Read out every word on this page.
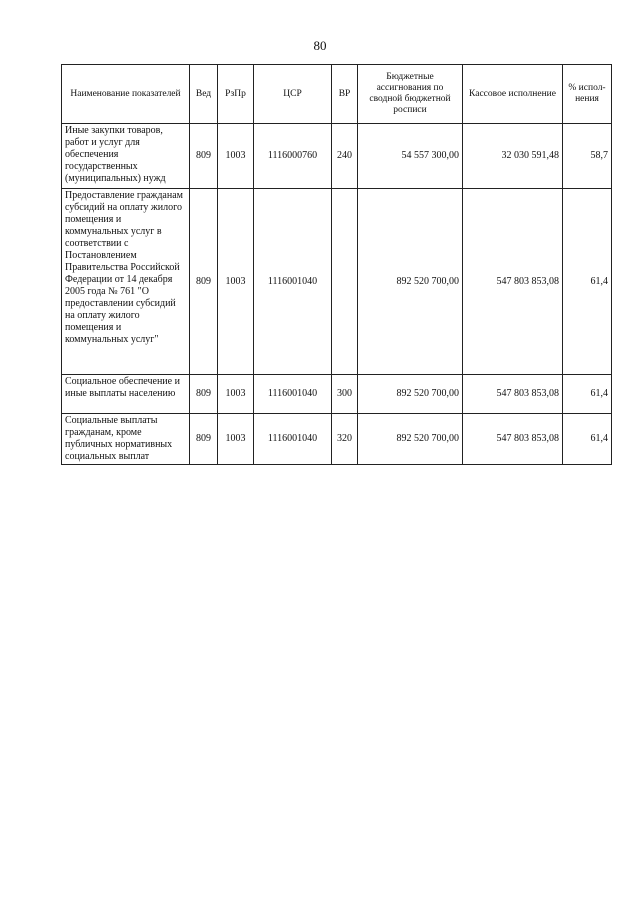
80
Наименование показателей	Вед	РзПр	ЦСР	ВР	Бюджетные ассигнования по сводной бюджетной росписи	Кассовое исполнение	% испол-нения
Иные закупки товаров, работ и услуг для обеспечения государственных (муниципальных) нужд	809	1003	1116000760	240	54 557 300,00	32 030 591,48	58,7
Предоставление гражданам субсидий на оплату жилого помещения и коммунальных услуг в соответствии с Постановлением Правительства Российской Федерации от 14 декабря 2005 года № 761 "О предоставлении субсидий на оплату жилого помещения и коммунальных услуг"	809	1003	1116001040		892 520 700,00	547 803 853,08	61,4
Социальное обеспечение и иные выплаты населению	809	1003	1116001040	300	892 520 700,00	547 803 853,08	61,4
Социальные выплаты гражданам, кроме публичных нормативных социальных выплат	809	1003	1116001040	320	892 520 700,00	547 803 853,08	61,4
